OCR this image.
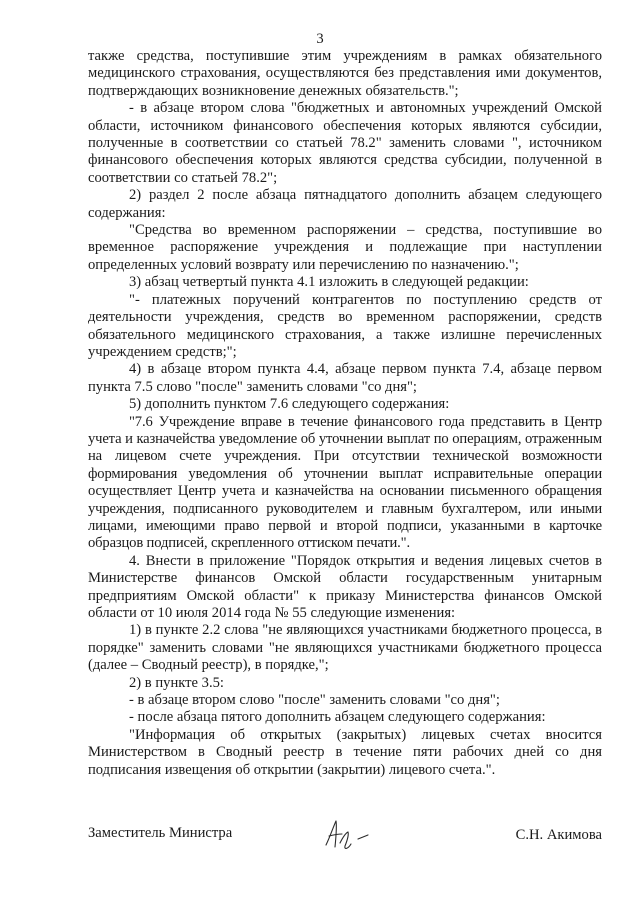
3

также средства, поступившие этим учреждениям в рамках обязательного медицинского страхования, осуществляются без представления ими документов, подтверждающих возникновение денежных обязательств.";

- в абзаце втором слова "бюджетных и автономных учреждений Омской области, источником финансового обеспечения которых являются субсидии, полученные в соответствии со статьей 78.2" заменить словами ", источником финансового обеспечения которых являются средства субсидии, полученной в соответствии со статьей 78.2";

2) раздел 2 после абзаца пятнадцатого дополнить абзацем следующего содержания:

"Средства во временном распоряжении – средства, поступившие во временное распоряжение учреждения и подлежащие при наступлении определенных условий возврату или перечислению по назначению.";

3) абзац четвертый пункта 4.1 изложить в следующей редакции:

"- платежных поручений контрагентов по поступлению средств от деятельности учреждения, средств во временном распоряжении, средств обязательного медицинского страхования, а также излишне перечисленных учреждением средств;";

4) в абзаце втором пункта 4.4, абзаце первом пункта 7.4, абзаце первом пункта 7.5 слово "после" заменить словами "со дня";

5) дополнить пунктом 7.6 следующего содержания:

"7.6 Учреждение вправе в течение финансового года представить в Центр учета и казначейства уведомление об уточнении выплат по операциям, отраженным на лицевом счете учреждения. При отсутствии технической возможности формирования уведомления об уточнении выплат исправительные операции осуществляет Центр учета и казначейства на основании письменного обращения учреждения, подписанного руководителем и главным бухгалтером, или иными лицами, имеющими право первой и второй подписи, указанными в карточке образцов подписей, скрепленного оттиском печати.".

4. Внести в приложение "Порядок открытия и ведения лицевых счетов в Министерстве финансов Омской области государственным унитарным предприятиям Омской области" к приказу Министерства финансов Омской области от 10 июля 2014 года № 55 следующие изменения:

1) в пункте 2.2 слова "не являющихся участниками бюджетного процесса, в порядке" заменить словами "не являющихся участниками бюджетного процесса (далее – Сводный реестр), в порядке,";

2) в пункте 3.5:

- в абзаце втором слово "после" заменить словами "со дня";

- после абзаца пятого дополнить абзацем следующего содержания:

"Информация об открытых (закрытых) лицевых счетах вносится Министерством в Сводный реестр в течение пяти рабочих дней со дня подписания извещения об открытии (закрытии) лицевого счета.".

Заместитель Министра	С.Н. Акимова
